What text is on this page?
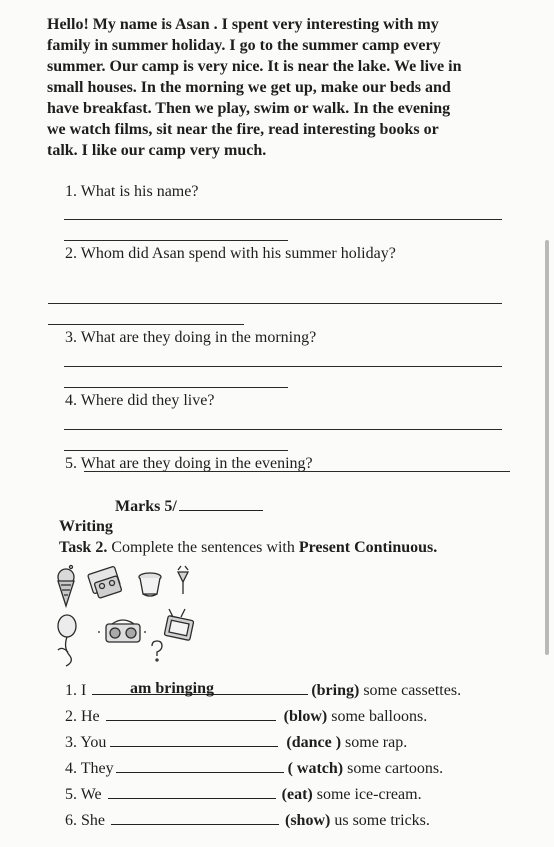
Hello! My name is Asan . I spent very interesting with my
family in summer holiday. I go to the summer camp every
summer. Our camp is very nice. It is near the lake. We live in
small houses. In the morning we get up, make our beds and
have breakfast. Then we play, swim or walk. In the evening
we watch films, sit near the fire, read interesting books or
talk. I like our camp very much.
1. What is his name?
2. Whom did Asan spend with his summer holiday?
3. What are they doing in the morning?
4. Where did they live?
5. What are they doing in the evening?
Marks 5/
Writing
Task 2. Complete the sentences with Present Continuous.
1. I	(bring) some cassettes.
am bringing
2. He	(blow) some balloons.
3. You	(dance ) some rap.
4. They	( watch) some cartoons.
5. We	(eat) some ice-cream.
6. She	(show) us some tricks.
